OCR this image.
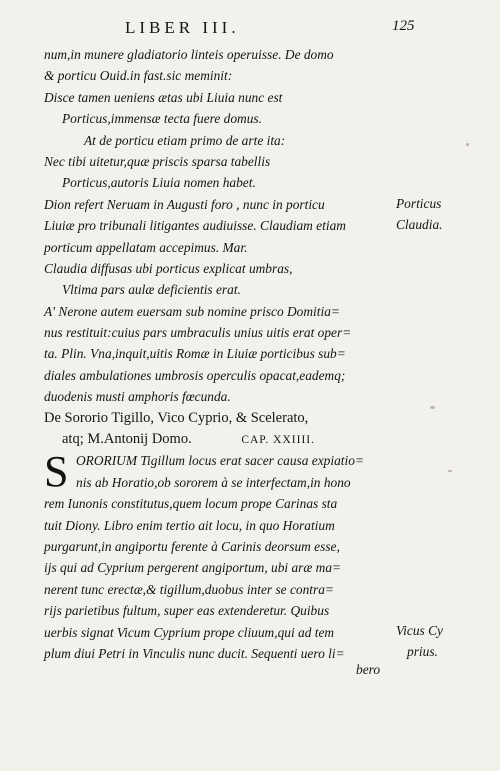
LIBER III.	125
num,in munere gladiatorio linteis operuisse. De domo
& porticu Ouid.in fast.sic meminit:
Disce tamen ueniens ætas ubi Liuia nunc est
Porticus,immensæ tecta fuere domus.
At de porticu etiam primo de arte ita:
Nec tibi uitetur,quæ priscis sparsa tabellis
Porticus,autoris Liuia nomen habet.
Dion refert Neruam in Augusti foro , nunc in porticu
Liuiæ pro tribunali litigantes audiuisse. Claudiam etiam
porticum appellatam accepimus. Mar.
Claudia diffusas ubi porticus explicat umbras,
Vltima pars aulæ deficientis erat.
A' Nerone autem euersam sub nomine prisco Domitia=
nus restituit:cuius pars umbraculis unius uitis erat oper=
ta. Plin. Vna,inquit,uitis Romæ in Liuiæ porticibus sub=
diales ambulationes umbrosis operculis opacat,eademq;
duodenis musti amphoris fœcunda.
De Sororio Tigillo, Vico Cyprio, & Scelerato,
atq; M.Antonij Domo.	CAP. XXIIII.
S ORORIUM Tigillum locus erat sacer causa expiatio=
nis ab Horatio,ob sororem à se interfectam,in hono
rem Iunonis constitutus,quem locum prope Carinas sta
tuit Diony. Libro enim tertio ait locu, in quo Horatium
purgarunt,in angiportu ferente à Carinis deorsum esse,
ijs qui ad Cyprium pergerent angiportum, ubi aræ ma=
nerent tunc erectæ,& tigillum,duobus inter se contra=
rijs parietibus fultum, super eas extenderetur. Quibus
uerbis signat Vicum Cyprium prope cliuum,qui ad tem
plum diui Petri in Vinculis nunc ducit. Sequenti uero li=
Porticus
Claudia.
Vicus Cy
prius.
bero
